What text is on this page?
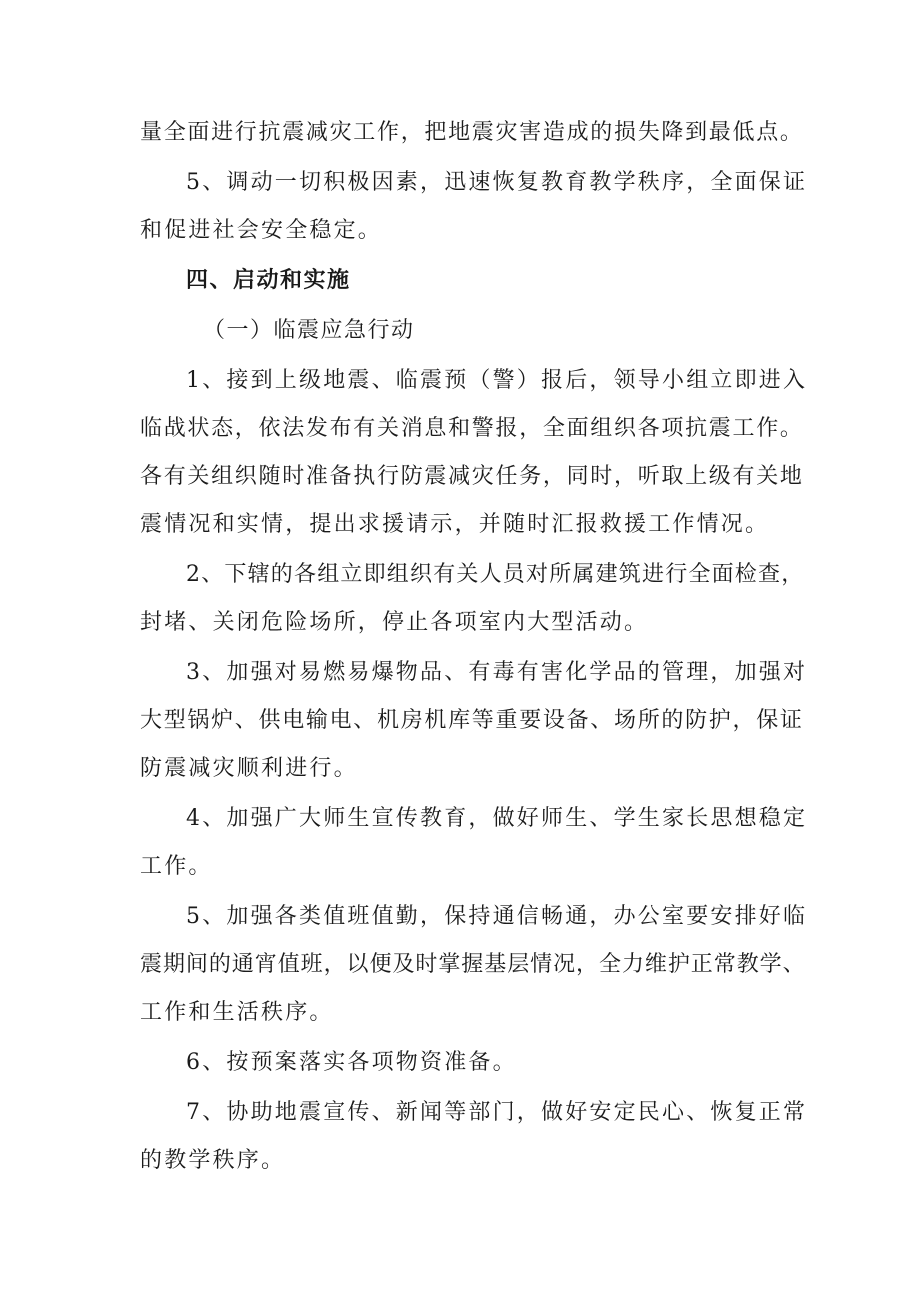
量全面进行抗震减灾工作，把地震灾害造成的损失降到最低点。
5、调动一切积极因素，迅速恢复教育教学秩序，全面保证
和促进社会安全稳定。
四、启动和实施
（一）临震应急行动
1、接到上级地震、临震预（警）报后，领导小组立即进入
临战状态，依法发布有关消息和警报，全面组织各项抗震工作。
各有关组织随时准备执行防震减灾任务，同时，听取上级有关地
震情况和实情，提出求援请示，并随时汇报救援工作情况。
2、下辖的各组立即组织有关人员对所属建筑进行全面检查，
封堵、关闭危险场所，停止各项室内大型活动。
3、加强对易燃易爆物品、有毒有害化学品的管理，加强对
大型锅炉、供电输电、机房机库等重要设备、场所的防护，保证
防震减灾顺利进行。
4、加强广大师生宣传教育，做好师生、学生家长思想稳定
工作。
5、加强各类值班值勤，保持通信畅通，办公室要安排好临
震期间的通宵值班，以便及时掌握基层情况，全力维护正常教学、
工作和生活秩序。
6、按预案落实各项物资准备。
7、协助地震宣传、新闻等部门，做好安定民心、恢复正常
的教学秩序。
